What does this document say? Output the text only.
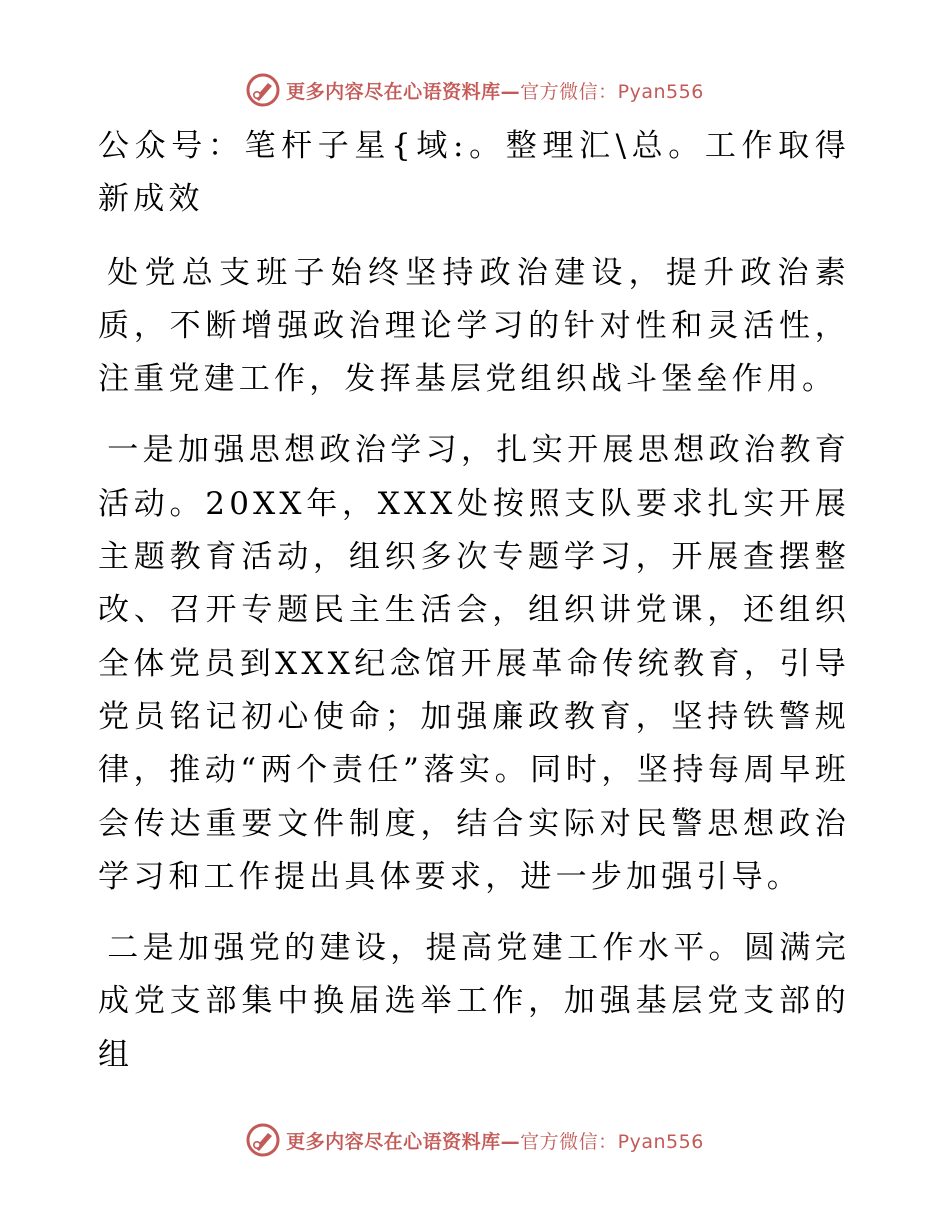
更多内容尽在心语资料库—官方微信：Pyan556

公众号：笔杆子星{域:。整理汇\总。工作取得新成效

处党总支班子始终坚持政治建设，提升政治素质，不断增强政治理论学习的针对性和灵活性，注重党建工作，发挥基层党组织战斗堡垒作用。

一是加强思想政治学习，扎实开展思想政治教育活动。20XX年，XXX处按照支队要求扎实开展主题教育活动，组织多次专题学习，开展查摆整改、召开专题民主生活会，组织讲党课，还组织全体党员到XXX纪念馆开展革命传统教育，引导党员铭记初心使命；加强廉政教育，坚持铁警规律，推动“两个责任”落实。同时，坚持每周早班会传达重要文件制度，结合实际对民警思想政治学习和工作提出具体要求，进一步加强引导。

二是加强党的建设，提高党建工作水平。圆满完成党支部集中换届选举工作，加强基层党支部的组

更多内容尽在心语资料库—官方微信：Pyan556
